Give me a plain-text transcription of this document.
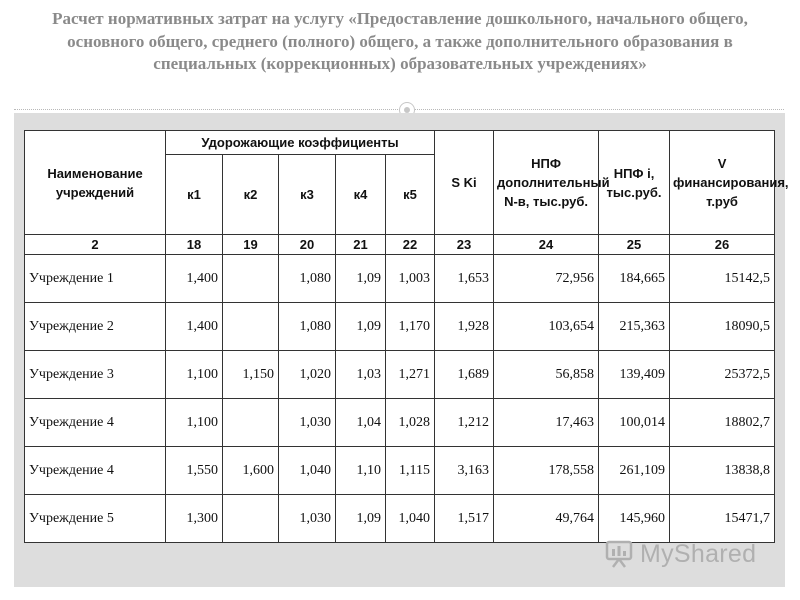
Расчет нормативных затрат на услугу «Предоставление дошкольного, начального общего, основного общего, среднего (полного) общего, а также дополнительного образования в специальных (коррекционных) образовательных учреждениях»
Наименование учреждений	Удорожающие коэффициенты					S Ki	НПФ дополнительный N-в, тыс.руб.	НПФ i, тыс.руб.	V финансирования, т.руб
	к1	к2	к3	к4	к5				
2	18	19	20	21	22	23	24	25	26
Учреждение 1	1,400		1,080	1,09	1,003	1,653	72,956	184,665	15142,5
Учреждение 2	1,400		1,080	1,09	1,170	1,928	103,654	215,363	18090,5
Учреждение 3	1,100	1,150	1,020	1,03	1,271	1,689	56,858	139,409	25372,5
Учреждение 4	1,100		1,030	1,04	1,028	1,212	17,463	100,014	18802,7
Учреждение 4	1,550	1,600	1,040	1,10	1,115	3,163	178,558	261,109	13838,8
Учреждение 5	1,300		1,030	1,09	1,040	1,517	49,764	145,960	15471,7
MyShared
